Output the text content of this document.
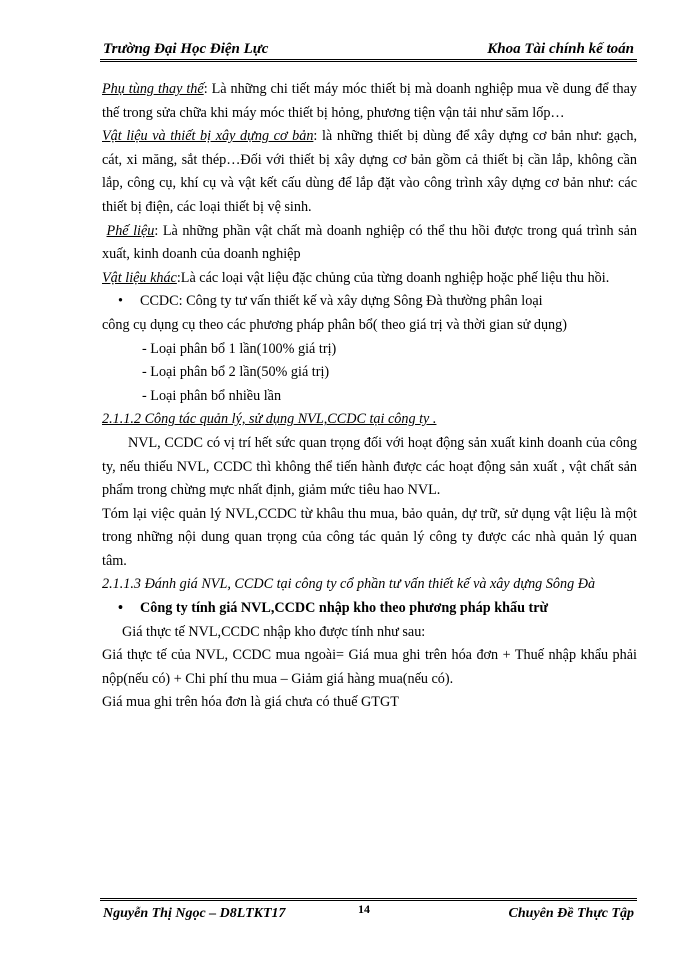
Trường Đại Học Điện Lực	Khoa Tài chính kế toán

Phụ tùng thay thế: Là những chi tiết máy móc thiết bị mà doanh nghiệp mua về dung để thay thế trong sửa chữa khi máy móc thiết bị hỏng, phương tiện vận tải như săm lốp…

Vật liệu và thiết bị xây dựng cơ bản: là những thiết bị dùng để xây dựng cơ bản như: gạch, cát, xi măng, sắt thép…Đối với thiết bị xây dựng cơ bản gồm cả thiết bị cần lắp, không cần lắp, công cụ, khí cụ và vật kết cấu dùng để lắp đặt vào công trình xây dựng cơ bản như: các thiết bị điện, các loại thiết bị vệ sinh.

Phế liệu: Là những phần vật chất mà doanh nghiệp có thể thu hồi được trong quá trình sản xuất, kinh doanh của doanh nghiệp

Vật liệu khác:Là các loại vật liệu đặc chủng của từng doanh nghiệp hoặc phế liệu thu hồi.

• CCDC: Công ty tư vấn thiết kế và xây dựng Sông Đà thường phân loại

công cụ dụng cụ theo các phương pháp phân bổ( theo giá trị và thời gian sử dụng)

- Loại phân bổ 1 lần(100% giá trị)

- Loại phân bổ 2 lần(50% giá trị)

- Loại phân bổ nhiều lần

2.1.1.2 Công tác quản lý, sử dụng NVL,CCDC tại công ty .

NVL, CCDC có vị trí hết sức quan trọng đối với hoạt động sản xuất kinh doanh của công ty, nếu thiếu NVL, CCDC thì không thể tiến hành được các hoạt động sản xuất , vật chất sản phẩm trong chừng mực nhất định, giảm mức tiêu hao NVL.

Tóm lại việc quản lý NVL,CCDC từ khâu thu mua, bảo quản, dự trữ, sử dụng vật liệu là một trong những nội dung quan trọng của công tác quản lý công ty được các nhà quản lý quan tâm.

2.1.1.3 Đánh giá NVL, CCDC tại công ty cổ phần tư vấn thiết kế và xây dựng Sông Đà

• Công ty tính giá NVL,CCDC nhập kho theo phương pháp khấu trừ

Giá thực tế NVL,CCDC nhập kho được tính như sau:

Giá thực tế của NVL, CCDC mua ngoài= Giá mua ghi trên hóa đơn + Thuế nhập khẩu phải nộp(nếu có) + Chi phí thu mua – Giảm giá hàng mua(nếu có).

Giá mua ghi trên hóa đơn là giá chưa có thuế GTGT

Nguyễn Thị Ngọc – D8LTKT17	14	Chuyên Đề Thực Tập
